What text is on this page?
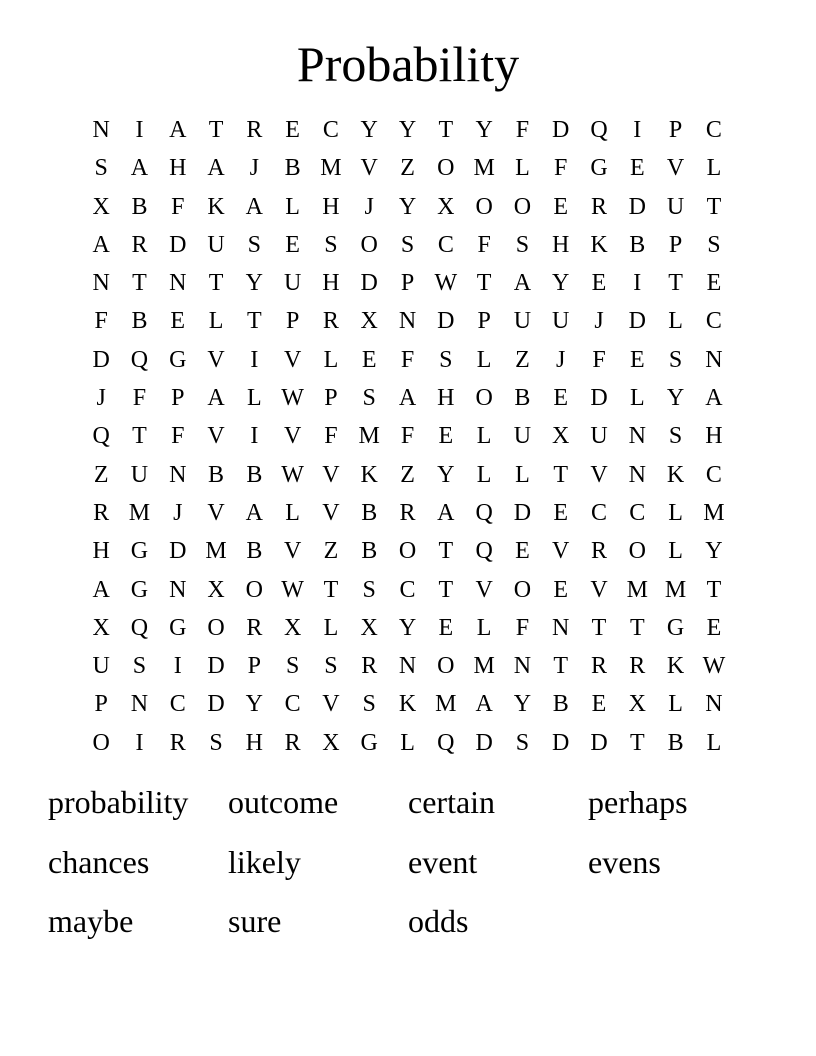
Probability
N	I	A T R E C Y Y T Y F D Q	I	P C
S A H A	J	B M V Z O M L	F G E V L
X B F K A L H	J	Y X O O E R D U T
A R D U S	E	S O S C F	S H K B P	S
N T N T Y U H D P W T A Y E	I	T E
F B E L T	P R X N D P U U	J	D L C
D Q G V	I	V L E	F	S	L Z	J	F	E	S N
J	F	P A L W P	S A H O B E D L Y A
Q T	F V	I	V F M F	E L U X U N S H
Z U N B B W V K Z Y L L T V N K C
R M J	V A L V B R A Q D E C C L M
H G D M B V Z B O T Q E V R O L Y
A G N X O W T	S C T V O E V M M T
X Q G O R X L X Y E L	F N T T G E
U S	I	D P	S	S R N O M N T R R K W
P N C D Y C V S K M A Y B E X L N
O	I	R S H R X G L Q D S D D T B L
probability	outcome	certain	perhaps
chances	likely	event	evens
maybe	sure	odds
